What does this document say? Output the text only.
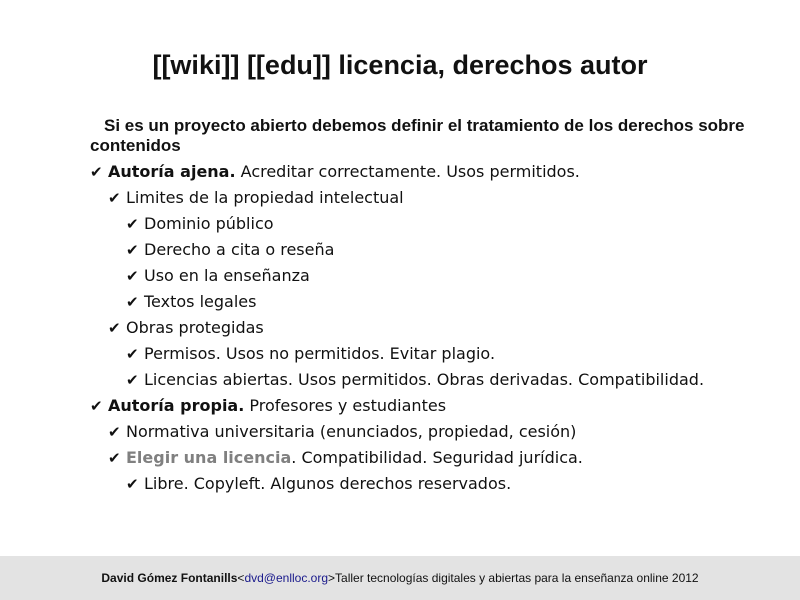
[[wiki]] [[edu]] licencia, derechos autor
Si es un proyecto abierto debemos definir el tratamiento de los derechos sobre contenidos
✔ Autoría ajena. Acreditar correctamente. Usos permitidos.
✔ Limites de la propiedad intelectual
✔ Dominio público
✔ Derecho a cita o reseña
✔ Uso en la enseñanza
✔ Textos legales
✔ Obras protegidas
✔ Permisos. Usos no permitidos. Evitar plagio.
✔ Licencias abiertas. Usos permitidos. Obras derivadas. Compatibilidad.
✔ Autoría propia. Profesores y estudiantes
✔ Normativa universitaria (enunciados, propiedad, cesión)
✔ Elegir una licencia. Compatibilidad. Seguridad jurídica.
✔ Libre. Copyleft. Algunos derechos reservados.
David Gómez Fontanills < dvd@enlloc.org > Taller tecnologías digitales y abiertas para la enseñanza online 2012
